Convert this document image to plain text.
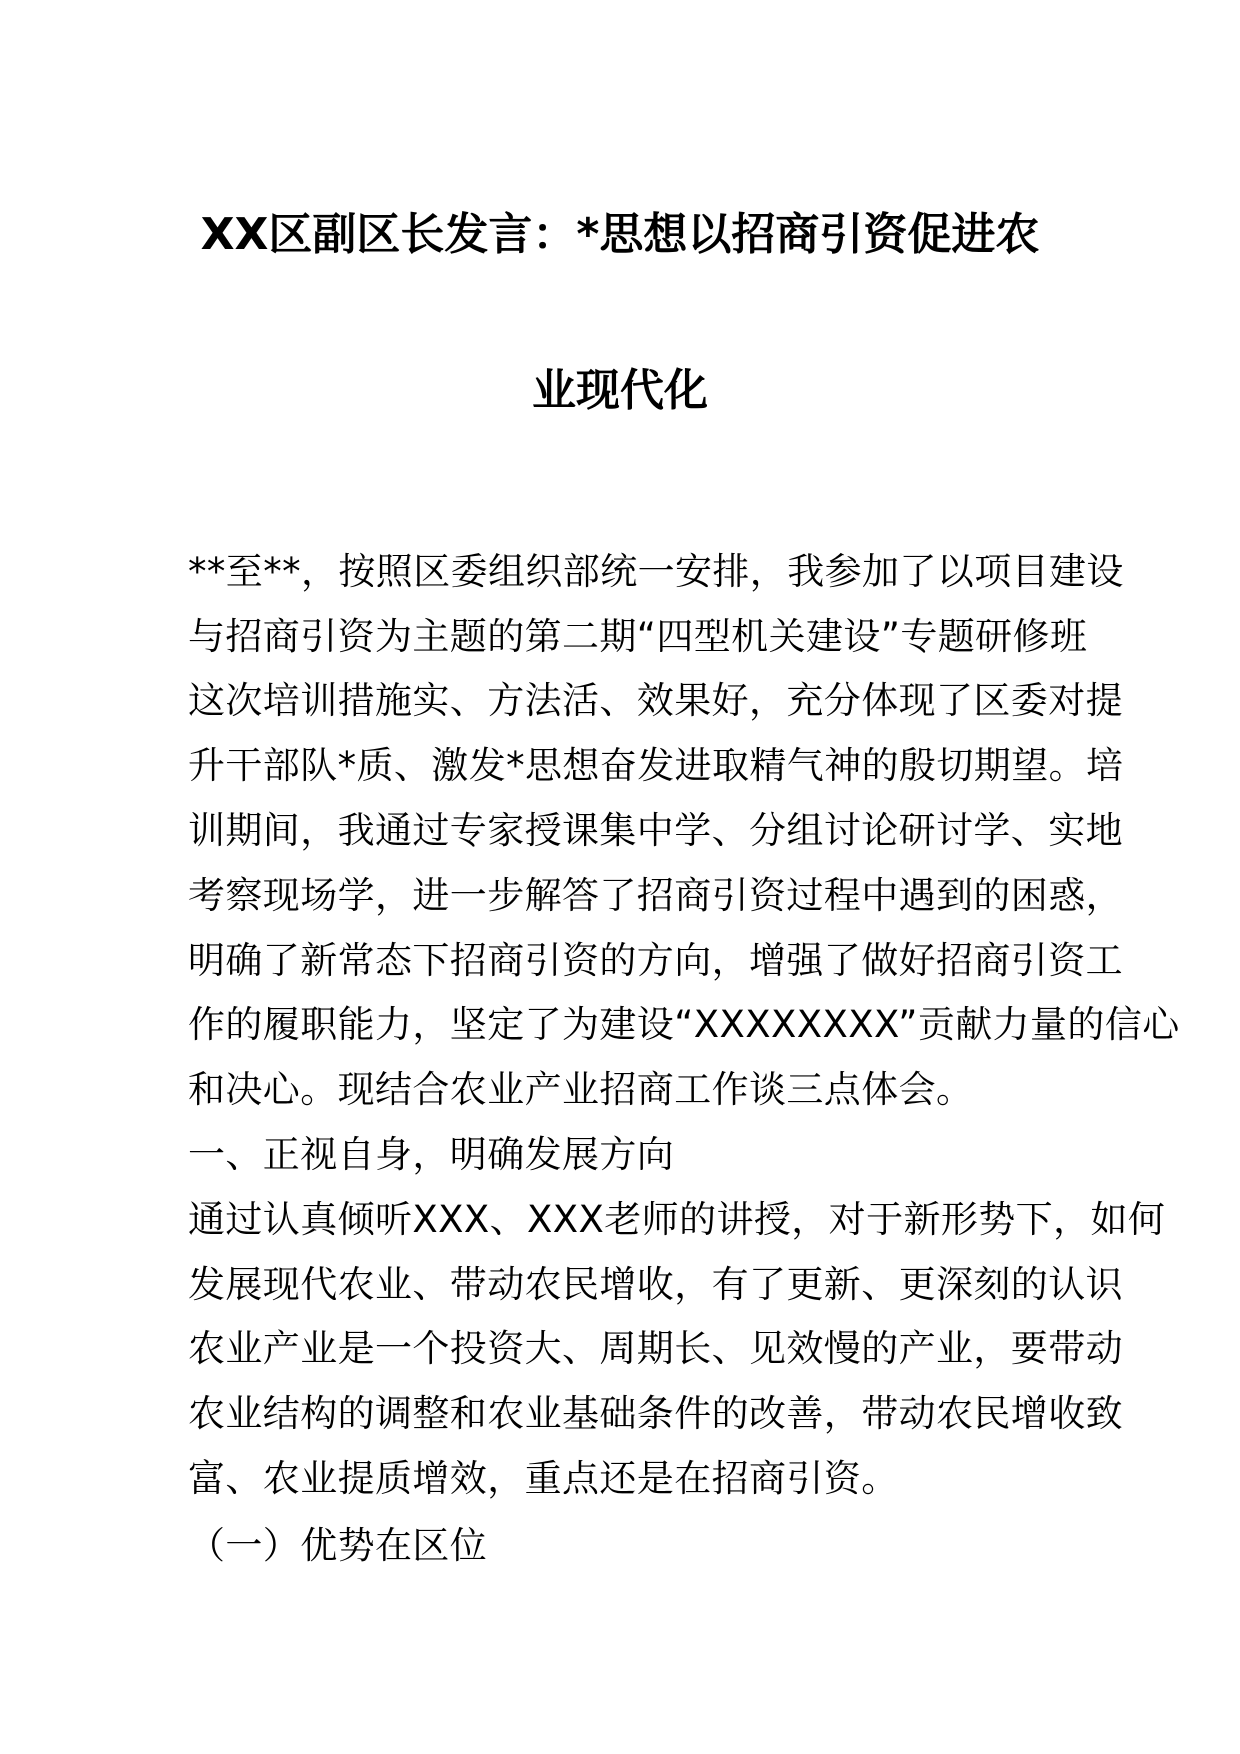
XX区副区长发言：*思想以招商引资促进农
业现代化
**至**，按照区委组织部统一安排，我参加了以项目建设
与招商引资为主题的第二期“四型机关建设”专题研修班
这次培训措施实、方法活、效果好，充分体现了区委对提
升干部队*质、激发*思想奋发进取精气神的殷切期望。培
训期间，我通过专家授课集中学、分组讨论研讨学、实地
考察现场学，进一步解答了招商引资过程中遇到的困惑，
明确了新常态下招商引资的方向，增强了做好招商引资工
作的履职能力，坚定了为建设“XXXXXXXX”贡献力量的信心
和决心。现结合农业产业招商工作谈三点体会。
一、正视自身，明确发展方向
通过认真倾听XXX、XXX老师的讲授，对于新形势下，如何
发展现代农业、带动农民增收，有了更新、更深刻的认识
农业产业是一个投资大、周期长、见效慢的产业，要带动
农业结构的调整和农业基础条件的改善，带动农民增收致
富、农业提质增效，重点还是在招商引资。
（一）优势在区位
